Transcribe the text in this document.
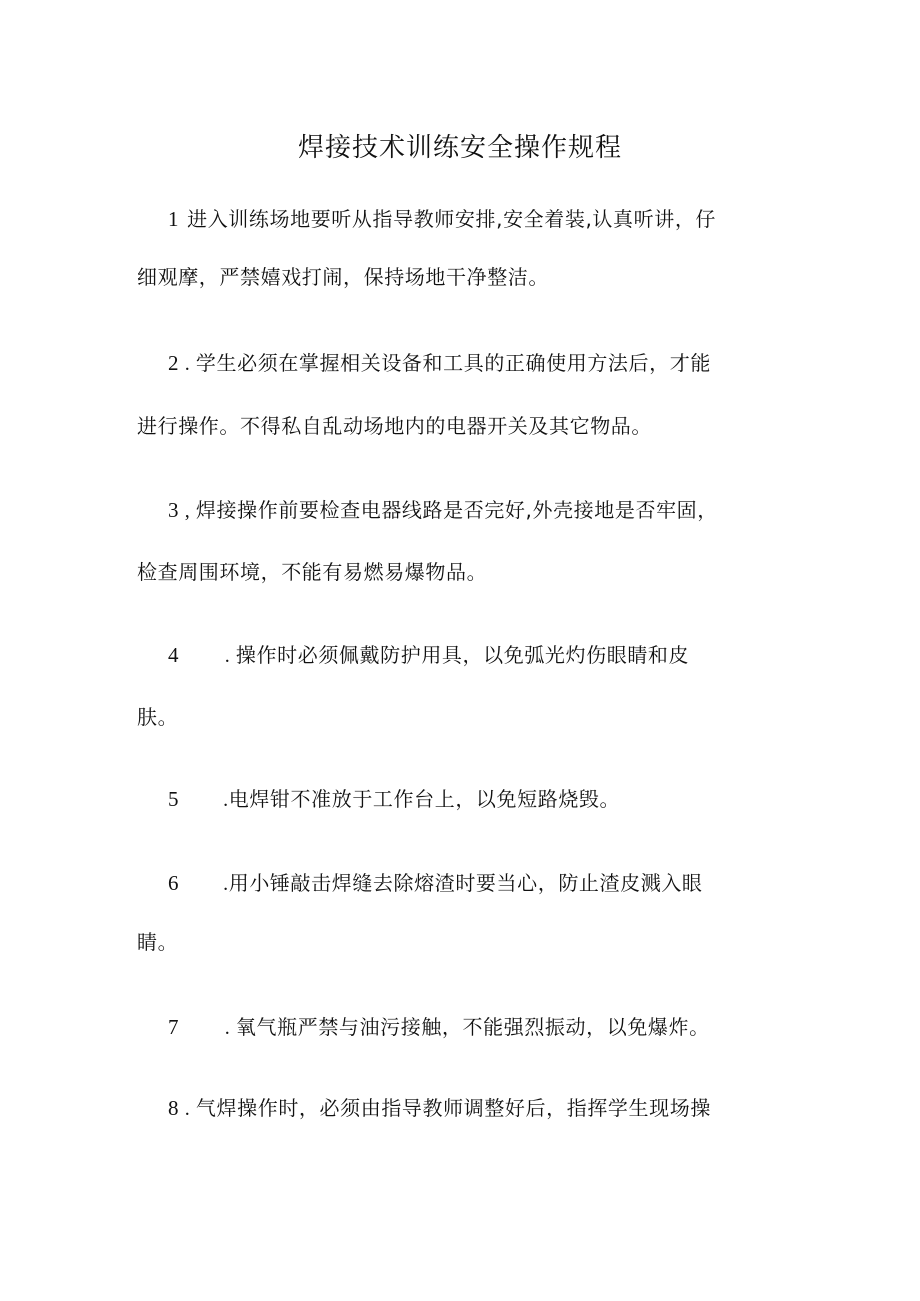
焊接技术训练安全操作规程
1 进入训练场地要听从指导教师安排,安全着装,认真听讲，仔
细观摩，严禁嬉戏打闹，保持场地干净整洁。
2 . 学生必须在掌握相关设备和工具的正确使用方法后，才能
进行操作。不得私自乱动场地内的电器开关及其它物品。
3 , 焊接操作前要检查电器线路是否完好,外壳接地是否牢固，
检查周围环境，不能有易燃易爆物品。
4 . 操作时必须佩戴防护用具，以免弧光灼伤眼睛和皮
肤。
5 .电焊钳不准放于工作台上，以免短路烧毁。
6 .用小锤敲击焊缝去除熔渣时要当心，防止渣皮溅入眼
睛。
7 . 氧气瓶严禁与油污接触，不能强烈振动，以免爆炸。
8 . 气焊操作时，必须由指导教师调整好后，指挥学生现场操
